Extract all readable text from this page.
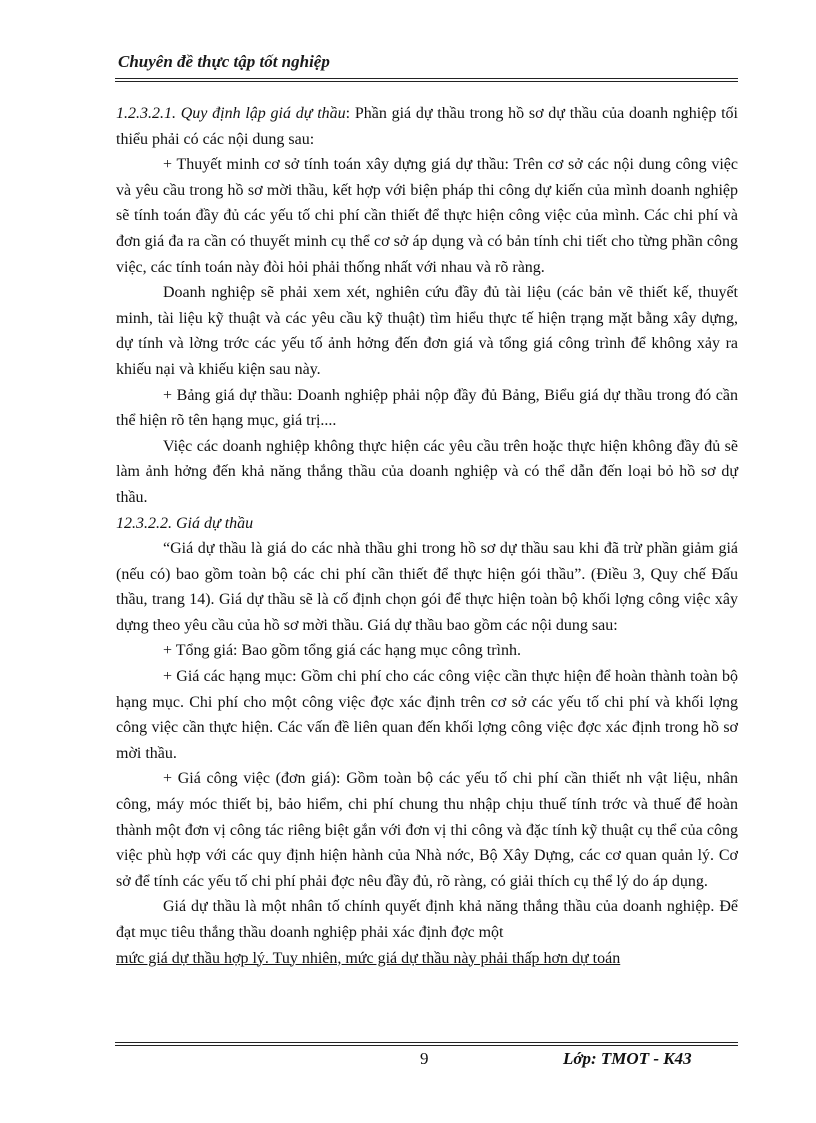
Chuyên đề thực tập tốt nghiệp

1.2.3.2.1. Quy định lập giá dự thầu: Phần giá dự thầu trong hồ sơ dự thầu của doanh nghiệp tối thiểu phải có các nội dung sau:

+ Thuyết minh cơ sở tính toán xây dựng giá dự thầu: Trên cơ sở các nội dung công việc và yêu cầu trong hồ sơ mời thầu, kết hợp với biện pháp thi công dự kiến của mình doanh nghiệp sẽ tính toán đầy đủ các yếu tố chi phí cần thiết để thực hiện công việc của mình. Các chi phí và đơn giá đa ra cần có thuyết minh cụ thể cơ sở áp dụng và có bản tính chi tiết cho từng phần công việc, các tính toán này đòi hỏi phải thống nhất với nhau và rõ ràng.

Doanh nghiệp sẽ phải xem xét, nghiên cứu đầy đủ tài liệu (các bản vẽ thiết kế, thuyết minh, tài liệu kỹ thuật và các yêu cầu kỹ thuật) tìm hiểu thực tế hiện trạng mặt bằng xây dựng, dự tính và lờng trớc các yếu tố ảnh hởng đến đơn giá và tổng giá công trình để không xảy ra khiếu nại và khiếu kiện sau này.

+ Bảng giá dự thầu: Doanh nghiệp phải nộp đầy đủ Bảng, Biểu giá dự thầu trong đó cần thể hiện rõ tên hạng mục, giá trị....

Việc các doanh nghiệp không thực hiện các yêu cầu trên hoặc thực hiện không đầy đủ sẽ làm ảnh hởng đến khả năng thắng thầu của doanh nghiệp và có thể dẫn đến loại bỏ hồ sơ dự thầu.

12.3.2.2. Giá dự thầu

“Giá dự thầu là giá do các nhà thầu ghi trong hồ sơ dự thầu sau khi đã trừ phần giảm giá (nếu có) bao gồm toàn bộ các chi phí cần thiết để thực hiện gói thầu”. (Điều 3, Quy chế Đấu thầu, trang 14). Giá dự thầu sẽ là cố định chọn gói để thực hiện toàn bộ khối lợng công việc xây dựng theo yêu cầu của hồ sơ mời thầu. Giá dự thầu bao gồm các nội dung sau:

+ Tổng giá: Bao gồm tổng giá các hạng mục công trình.

+ Giá các hạng mục: Gồm chi phí cho các công việc cần thực hiện để hoàn thành toàn bộ hạng mục. Chi phí cho một công việc đợc xác định trên cơ sở các yếu tố chi phí và khối lợng công việc cần thực hiện. Các vấn đề liên quan đến khối lợng công việc đợc xác định trong hồ sơ mời thầu.

+ Giá công việc (đơn giá): Gồm toàn bộ các yếu tố chi phí cần thiết nh vật liệu, nhân công, máy móc thiết bị, bảo hiểm, chi phí chung thu nhập chịu thuế tính trớc và thuế để hoàn thành một đơn vị công tác riêng biệt gắn với đơn vị thi công và đặc tính kỹ thuật cụ thể của công việc phù hợp với các quy định hiện hành của Nhà nớc, Bộ Xây Dựng, các cơ quan quản lý. Cơ sở để tính các yếu tố chi phí phải đợc nêu đầy đủ, rõ ràng, có giải thích cụ thể lý do áp dụng.

Giá dự thầu là một nhân tố chính quyết định khả năng thắng thầu của doanh nghiệp. Để đạt mục tiêu thắng thầu doanh nghiệp phải xác định đợc một

mức giá dự thầu hợp lý. Tuy nhiên, mức giá dự thầu này phải thấp hơn dự toán

9	Lớp: TMOT - K43
